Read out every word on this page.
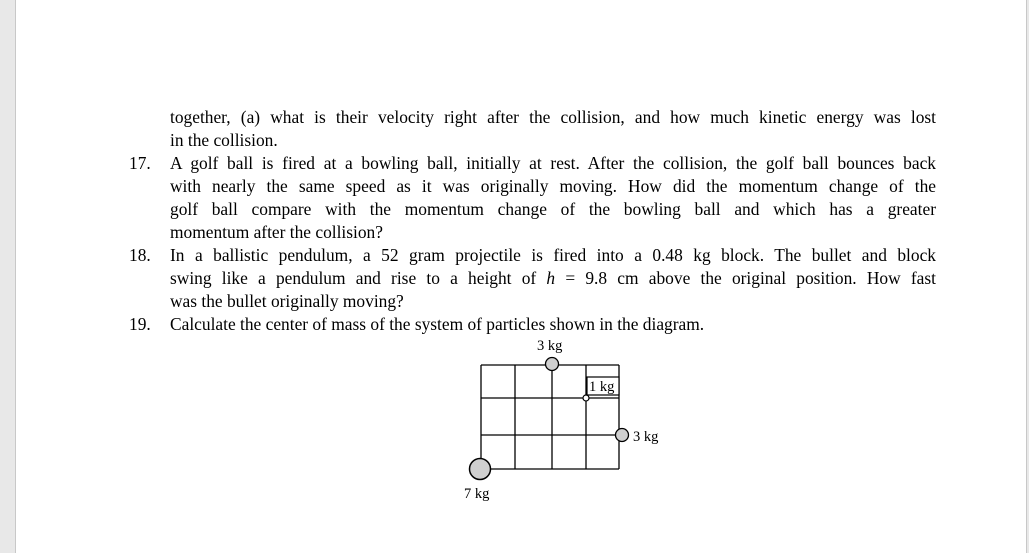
together, (a) what is their velocity right after the collision, and how much kinetic energy was lost
in the collision.
17. A golf ball is fired at a bowling ball, initially at rest. After the collision, the golf ball bounces back
with nearly the same speed as it was originally moving. How did the momentum change of the
golf ball compare with the momentum change of the bowling ball and which has a greater
momentum after the collision?
18. In a ballistic pendulum, a 52 gram projectile is fired into a 0.48 kg block. The bullet and block
swing like a pendulum and rise to a height of h = 9.8 cm above the original position. How fast
was the bullet originally moving?
19. Calculate the center of mass of the system of particles shown in the diagram.
3 kg
1 kg
3 kg
7 kg
